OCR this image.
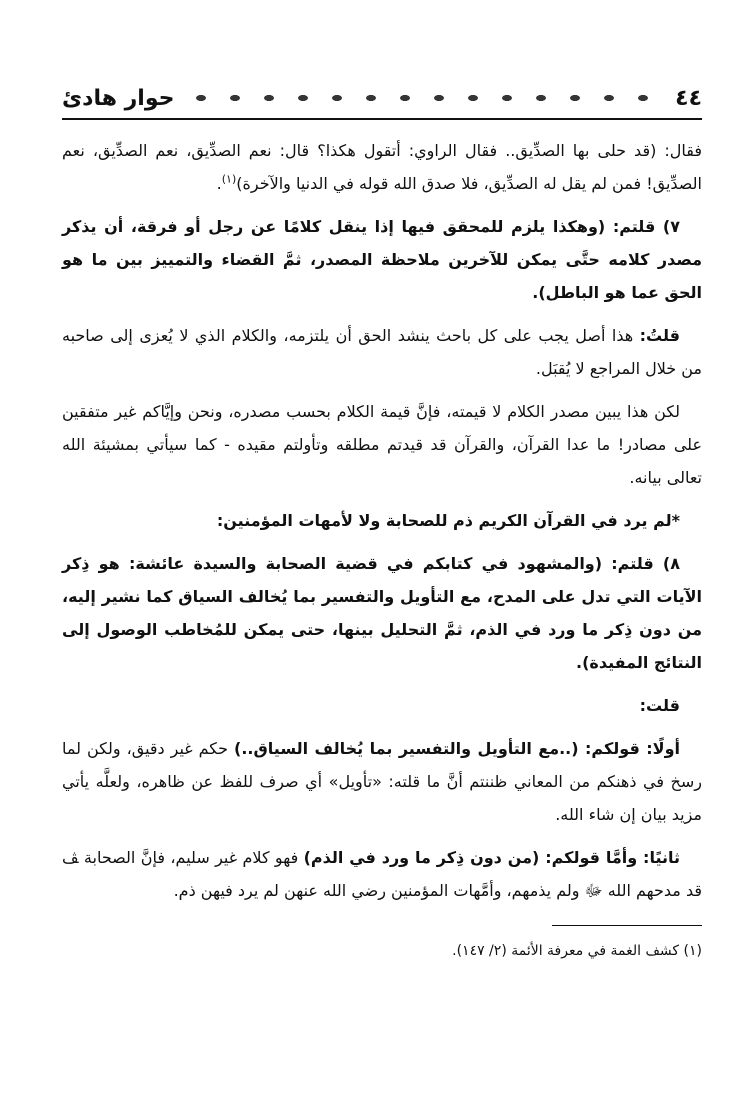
٤٤
حوار هادئ

فقال: (قد حلى بها الصدِّيق.. فقال الراوي: أتقول هكذا؟ قال: نعم الصدِّيق، نعم الصدِّيق، نعم الصدِّيق! فمن لم يقل له الصدِّيق، فلا صدق الله قوله في الدنيا والآخرة)$^{(١)}$.

٧) قلتم: (وهكذا يلزم للمحقق فيها إذا ينقل كلامًا عن رجل أو فرقة، أن يذكر مصدر كلامه حتَّى يمكن للآخرين ملاحظة المصدر، ثمَّ القضاء والتمييز بين ما هو الحق عما هو الباطل).

قلتُ: هذا أصل يجب على كل باحث ينشد الحق أن يلتزمه، والكلام الذي لا يُعزى إلى صاحبه من خلال المراجع لا يُقبَل.

لكن هذا يبين مصدر الكلام لا قيمته، فإنَّ قيمة الكلام بحسب مصدره، ونحن وإيَّاكم غير متفقين على مصادر! ما عدا القرآن، والقرآن قد قيدتم مطلقه وتأولتم مقيده - كما سيأتي بمشيئة الله تعالى بيانه.

*لم يرد في القرآن الكريم ذم للصحابة ولا لأمهات المؤمنين:

٨) قلتم: (والمشهود في كتابكم في قضية الصحابة والسيدة عائشة: هو ذِكر الآيات التي تدل على المدح، مع التأويل والتفسير بما يُخالف السياق كما نشير إليه، من دون ذِكر ما ورد في الذم، ثمَّ التحليل بينها، حتى يمكن للمُخاطب الوصول إلى النتائج المفيدة).

قلت:

أولًا: قولكم: (..مع التأويل والتفسير بما يُخالف السياق..) حكم غير دقيق، ولكن لما رسخ في ذهنكم من المعاني ظننتم أنَّ ما قلته: «تأويل» أي صرف للفظ عن ظاهره، ولعلَّه يأتي مزيد بيان إن شاء الله.

ثانيًا: وأمَّا قولكم: (من دون ذِكر ما ورد في الذم) فهو كلام غير سليم، فإنَّ الصحابة ﭫ قد مدحهم الله ﷻ ولم يذمهم، وأمَّهات المؤمنين رضي الله عنهن لم يرد فيهن ذم.

(١) كشف الغمة في معرفة الأئمة (٢/ ١٤٧).
